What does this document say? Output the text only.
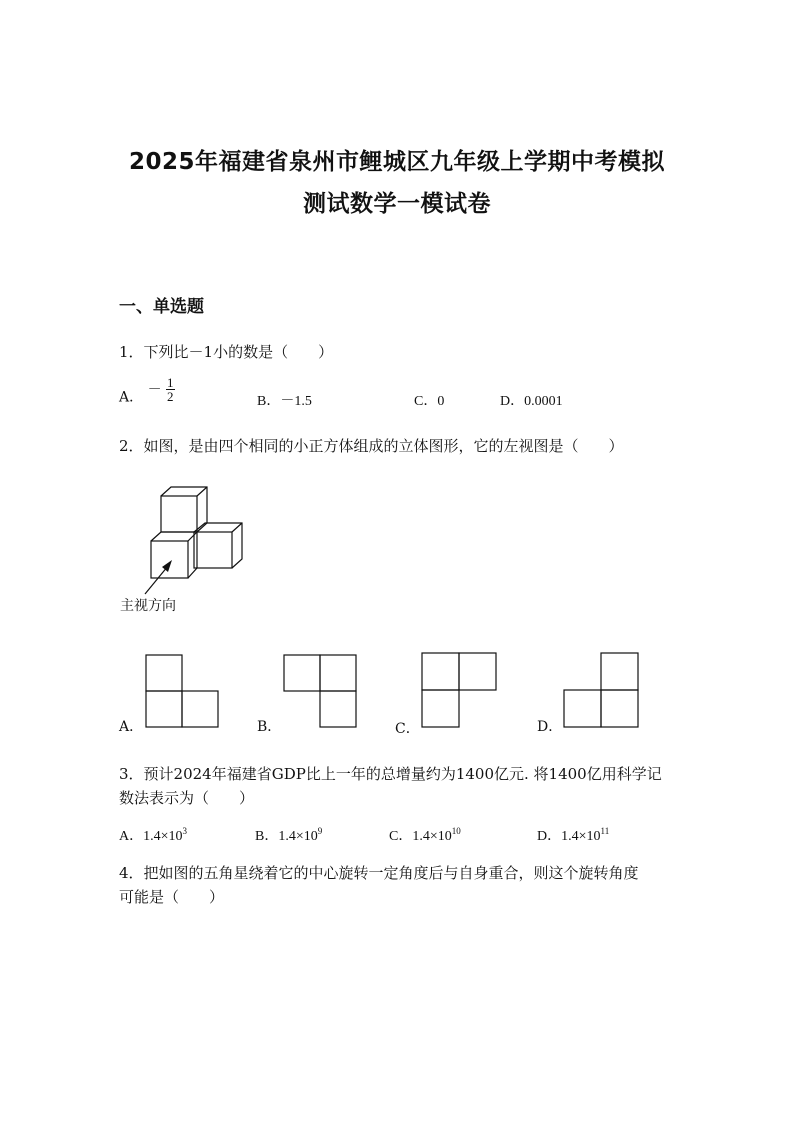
2025年福建省泉州市鲤城区九年级上学期中考模拟
测试数学一模试卷
一、单选题
1．下列比－1小的数是（　　）
A． － $\frac{1}{2}$	B．－1.5	C．0	D．0.0001
2．如图，是由四个相同的小正方体组成的立体图形，它的左视图是（　　）
主视方向
A．	B．	C．	D．
3．预计2024年福建省GDP比上一年的总增量约为1400亿元. 将1400亿用科学记
数法表示为（　　）
A．$1.4\times 10^3$	B．$1.4\times 10^9$	C．$1.4\times 10^{10}$	D．$1.4\times 10^{11}$
4．把如图的五角星绕着它的中心旋转一定角度后与自身重合，则这个旋转角度
可能是（　　）
